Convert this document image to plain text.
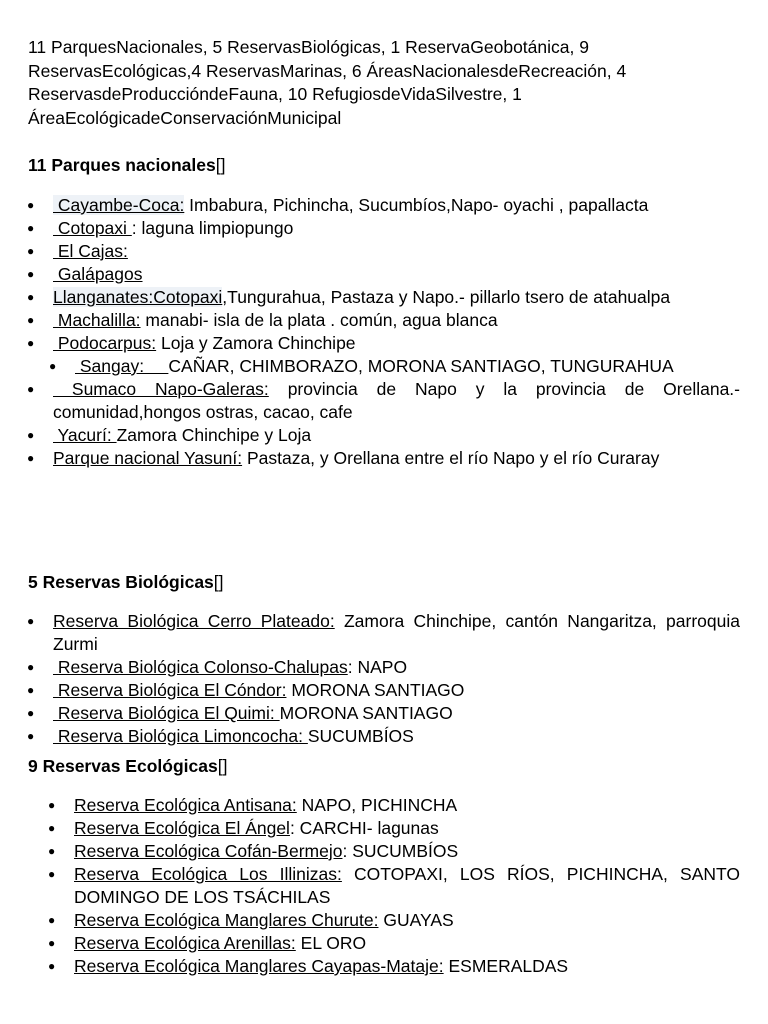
11 ParquesNacionales, 5 ReservasBiológicas, 1 ReservaGeobotánica, 9 ReservasEcológicas,4 ReservasMarinas, 6 ÁreasNacionalesdeRecreación, 4 ReservasdeProduccióndeFauna, 10 RefugiosdeVidaSilvestre, 1 ÁreaEcológicadeConservaciónMunicipal

11 Parques nacionales[]
● Cayambe-Coca: Imbabura, Pichincha, Sucumbíos,Napo- oyachi , papallacta
● Cotopaxi : laguna limpiopungo
● El Cajas:
● Galápagos
● Llanganates:Cotopaxi,Tungurahua, Pastaza y Napo.- pillarlo tsero de atahualpa
● Machalilla: manabi- isla de la plata . común, agua blanca
● Podocarpus: Loja y Zamora Chinchipe
● Sangay:     CAÑAR, CHIMBORAZO, MORONA SANTIAGO, TUNGURAHUA
● Sumaco Napo-Galeras: provincia de Napo y la provincia de Orellana.- comunidad,hongos ostras, cacao, cafe
● Yacurí: Zamora Chinchipe y Loja
● Parque nacional Yasuní: Pastaza, y Orellana entre el río Napo y el río Curaray
5 Reservas Biológicas[]
● Reserva Biológica Cerro Plateado: Zamora Chinchipe, cantón Nangaritza, parroquia Zurmi
● Reserva Biológica Colonso-Chalupas: NAPO
● Reserva Biológica El Cóndor: MORONA SANTIAGO
● Reserva Biológica El Quimi: MORONA SANTIAGO
● Reserva Biológica Limoncocha: SUCUMBÍOS
9 Reservas Ecológicas[]
● Reserva Ecológica Antisana: NAPO, PICHINCHA
● Reserva Ecológica El Ángel: CARCHI- lagunas
● Reserva Ecológica Cofán-Bermejo: SUCUMBÍOS
● Reserva Ecológica Los Illinizas: COTOPAXI, LOS RÍOS, PICHINCHA, SANTO DOMINGO DE LOS TSÁCHILAS
● Reserva Ecológica Manglares Churute: GUAYAS
● Reserva Ecológica Arenillas: EL ORO
● Reserva Ecológica Manglares Cayapas-Mataje: ESMERALDAS
